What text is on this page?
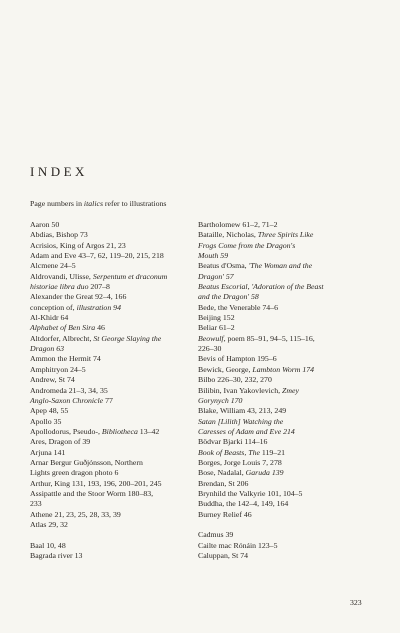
INDEX
Page numbers in italics refer to illustrations
Aaron 50
Abdias, Bishop 73
Acrisios, King of Argos 21, 23
Adam and Eve 43–7, 62, 119–20, 215, 218
Alcmene 24–5
Aldrovandi, Ulisse, Serpentum et draconum
historiae libra duo 207–8
Alexander the Great 92–4, 166
conception of, illustration 94
Al-Khidr 64
Alphabet of Ben Sira 46
Altdorfer, Albrecht, St George Slaying the
Dragon 63
Ammon the Hermit 74
Amphitryon 24–5
Andrew, St 74
Andromeda 21–3, 34, 35
Anglo-Saxon Chronicle 77
Apep 48, 55
Apollo 35
Apollodorus, Pseudo-, Bibliotheca 13–42
Ares, Dragon of 39
Arjuna 141
Arnar Bergur Guðjónsson, Northern
Lights green dragon photo 6
Arthur, King 131, 193, 196, 200–201, 245
Assipattle and the Stoor Worm 180–83,
233
Athene 21, 23, 25, 28, 33, 39
Atlas 29, 32
Baal 10, 48
Bagrada river 13
Bartholomew 61–2, 71–2
Bataille, Nicholas, Three Spirits Like
Frogs Come from the Dragon's
Mouth 59
Beatus d'Osma, 'The Woman and the
Dragon' 57
Beatus Escorial, 'Adoration of the Beast
and the Dragon' 58
Bede, the Venerable 74–6
Beijing 152
Beliar 61–2
Beowulf, poem 85–91, 94–5, 115–16,
226–30
Bevis of Hampton 195–6
Bewick, George, Lambton Worm 174
Bilbo 226–30, 232, 270
Bilibin, Ivan Yakovlevich, Zmey
Gorynych 170
Blake, William 43, 213, 249
Satan [Lilith] Watching the
Caresses of Adam and Eve 214
Bödvar Bjarki 114–16
Book of Beasts, The 119–21
Borges, Jorge Louis 7, 278
Bose, Nadalal, Garuda 139
Brendan, St 206
Brynhild the Valkyrie 101, 104–5
Buddha, the 142–4, 149, 164
Burney Relief 46
Cadmus 39
Cailte mac Rónáin 123–5
Caluppan, St 74
323
